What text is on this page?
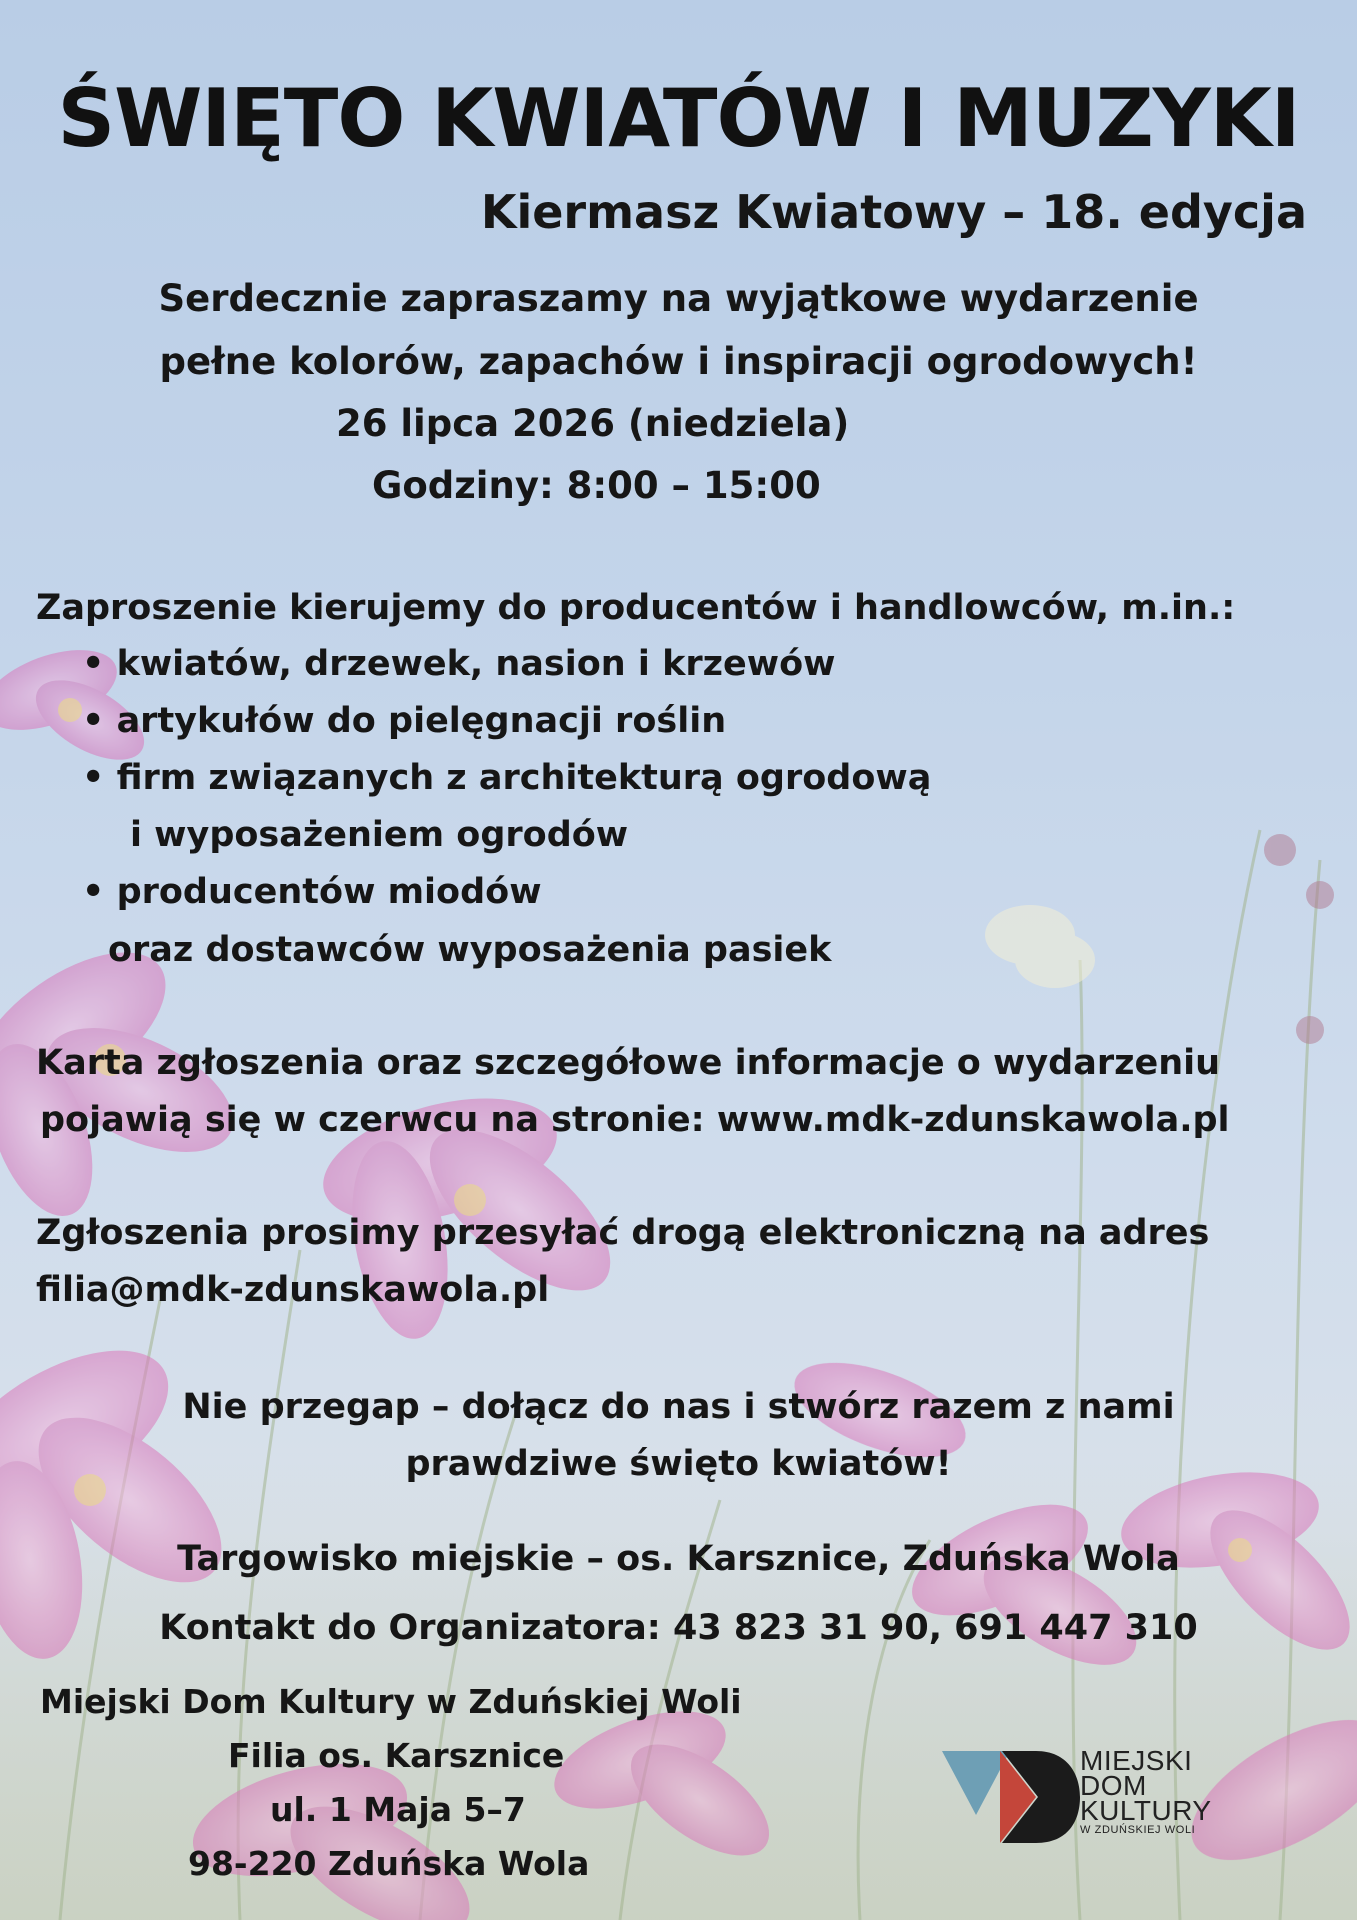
ŚWIĘTO KWIATÓW I MUZYKI
Kiermasz Kwiatowy – 18. edycja
Serdecznie zapraszamy na wyjątkowe wydarzenie
pełne kolorów, zapachów i inspiracji ogrodowych!
26 lipca 2026 (niedziela)
Godziny: 8:00 – 15:00
Zaproszenie kierujemy do producentów i handlowców, m.in.:
• kwiatów, drzewek, nasion i krzewów
• artykułów do pielęgnacji roślin
• firm związanych z architekturą ogrodową
i wyposażeniem ogrodów
• producentów miodów
oraz dostawców wyposażenia pasiek
Karta zgłoszenia oraz szczegółowe informacje o wydarzeniu
pojawią się w czerwcu na stronie: www.mdk-zdunskawola.pl
Zgłoszenia prosimy przesyłać drogą elektroniczną na adres
filia@mdk-zdunskawola.pl
Nie przegap – dołącz do nas i stwórz razem z nami
prawdziwe święto kwiatów!
Targowisko miejskie – os. Karsznice, Zduńska Wola
Kontakt do Organizatora: 43 823 31 90, 691 447 310
Miejski Dom Kultury w Zduńskiej Woli
Filia os. Karsznice
ul. 1 Maja 5–7
98-220 Zduńska Wola
MIEJSKI
DOM
KULTURY
W ZDUŃSKIEJ WOLI
